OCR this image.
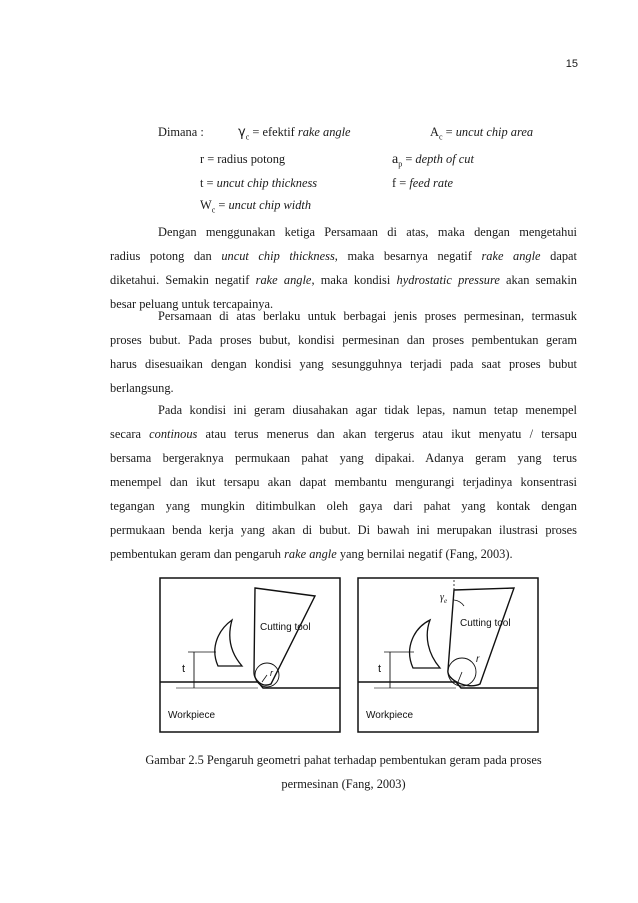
15
Dimana :	$\gamma_c$ = efektif rake angle	$A_c$ = uncut chip area
r = radius potong	$a_p$ = depth of cut
t = uncut chip thickness	f = feed rate
$W_c$ = uncut chip width
Dengan menggunakan ketiga Persamaan di atas, maka dengan mengetahui
radius potong dan uncut chip thickness, maka besarnya negatif rake angle dapat
diketahui. Semakin negatif rake angle, maka kondisi hydrostatic pressure akan semakin
besar peluang untuk tercapainya.
Persamaan di atas berlaku untuk berbagai jenis proses permesinan, termasuk
proses bubut. Pada proses bubut, kondisi permesinan dan proses pembentukan geram
harus disesuaikan dengan kondisi yang sesungguhnya terjadi pada saat proses bubut
berlangsung.
Pada kondisi ini geram diusahakan agar tidak lepas, namun tetap menempel
secara continous atau terus menerus dan akan tergerus atau ikut menyatu / tersapu
bersama bergeraknya permukaan pahat yang dipakai. Adanya geram yang terus
menempel dan ikut tersapu akan dapat membantu mengurangi terjadinya konsentrasi
tegangan yang mungkin ditimbulkan oleh gaya dari pahat yang kontak dengan
permukaan benda kerja yang akan di bubut. Di bawah ini merupakan ilustrasi proses
pembentukan geram dan pengaruh rake angle yang bernilai negatif (Fang, 2003).
Cutting tool
t	r
Workpiece
Cutting tool
$\gamma_e$
t
r
Workpiece
Gambar 2.5 Pengaruh geometri pahat terhadap pembentukan geram pada proses
permesinan (Fang, 2003)
